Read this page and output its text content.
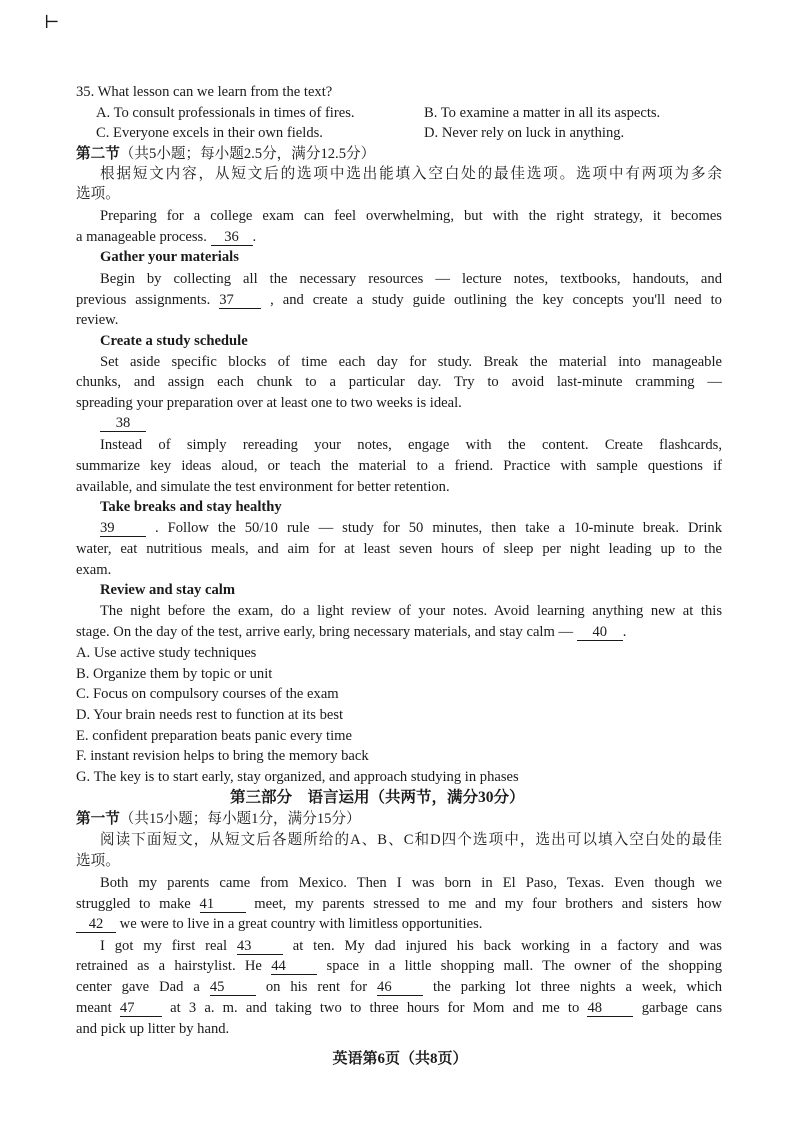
⊢
35. What lesson can we learn from the text?
A. To consult professionals in times of fires.	B. To examine a matter in all its aspects.
C. Everyone excels in their own fields.	D. Never rely on luck in anything.
第二节（共5小题；每小题2.5分，满分12.5分）
根据短文内容，从短文后的选项中选出能填入空白处的最佳选项。选项中有两项为多余
选项。
Preparing for a college exam can feel overwhelming, but with the right strategy, it becomes
a manageable process. 36 .
Gather your materials
Begin by collecting all the necessary resources — lecture notes, textbooks, handouts, and
previous assignments. 37 , and create a study guide outlining the key concepts you'll need to
review.
Create a study schedule
Set aside specific blocks of time each day for study. Break the material into manageable
chunks, and assign each chunk to a particular day. Try to avoid last-minute cramming —
spreading your preparation over at least one to two weeks is ideal.
38
Instead of simply rereading your notes, engage with the content. Create flashcards,
summarize key ideas aloud, or teach the material to a friend. Practice with sample questions if
available, and simulate the test environment for better retention.
Take breaks and stay healthy
39	. Follow the 50/10 rule — study for 50 minutes, then take a 10-minute break. Drink
water, eat nutritious meals, and aim for at least seven hours of sleep per night leading up to the
exam.
Review and stay calm
The night before the exam, do a light review of your notes. Avoid learning anything new at this
stage. On the day of the test, arrive early, bring necessary materials, and stay calm — 40 .
A. Use active study techniques
B. Organize them by topic or unit
C. Focus on compulsory courses of the exam
D. Your brain needs rest to function at its best
E. confident preparation beats panic every time
F. instant revision helps to bring the memory back
G. The key is to start early, stay organized, and approach studying in phases
第三部分　语言运用（共两节，满分30分）
第一节（共15小题；每小题1分，满分15分）
阅读下面短文，从短文后各题所给的A、B、C和D四个选项中，选出可以填入空白处的最佳
选项。
Both my parents came from Mexico. Then I was born in El Paso, Texas. Even though we
struggled to make 41	meet, my parents stressed to me and my four brothers and sisters how
42 we were to live in a great country with limitless opportunities.
I got my first real 43	at ten. My dad injured his back working in a factory and was
retrained as a hairstylist. He 44	space in a little shopping mall. The owner of the shopping
center gave Dad a 45	on his rent for 46	the parking lot three nights a week, which
meant 47 at 3 a. m. and taking two to three hours for Mom and me to 48	garbage cans
and pick up litter by hand.
英语第6页（共8页）
